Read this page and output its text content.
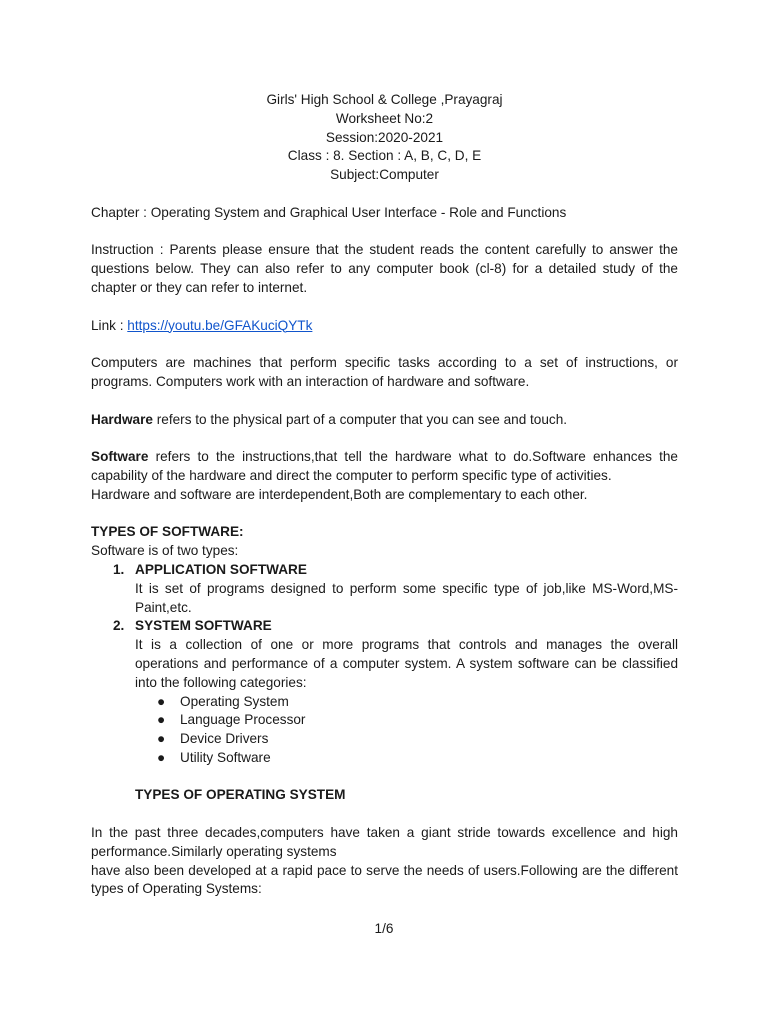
Girls' High School & College ,Prayagraj
Worksheet No:2
Session:2020-2021
Class : 8. Section : A, B, C, D, E
Subject:Computer
Chapter : Operating System and Graphical User Interface - Role and Functions
Instruction : Parents please ensure that the student reads the content carefully to answer the questions below. They can also refer to any computer book (cl-8) for a detailed study of the chapter or they can refer to internet.
Link : https://youtu.be/GFAKuciQYTk
Computers are machines that perform specific tasks according to a set of instructions, or programs. Computers work with an interaction of hardware and software.
Hardware refers to the physical part of a computer that you can see and touch.
Software refers to the instructions,that tell the hardware what to do.Software enhances the capability of the hardware and direct the computer to perform specific type of activities.
Hardware and software are interdependent,Both are complementary to each other.
TYPES OF SOFTWARE:
Software is of two types:
1. APPLICATION SOFTWARE
It is set of programs designed to perform some specific type of job,like MS-Word,MS-Paint,etc.
2. SYSTEM SOFTWARE
It is a collection of one or more programs that controls and manages the overall operations and performance of a computer system. A system software can be classified into the following categories:
● Operating System
● Language Processor
● Device Drivers
● Utility Software
TYPES OF OPERATING SYSTEM
In the past three decades,computers have taken a giant stride towards excellence and high performance.Similarly operating systems
have also been developed at a rapid pace to serve the needs of users.Following are the different types of Operating Systems:
1/6
